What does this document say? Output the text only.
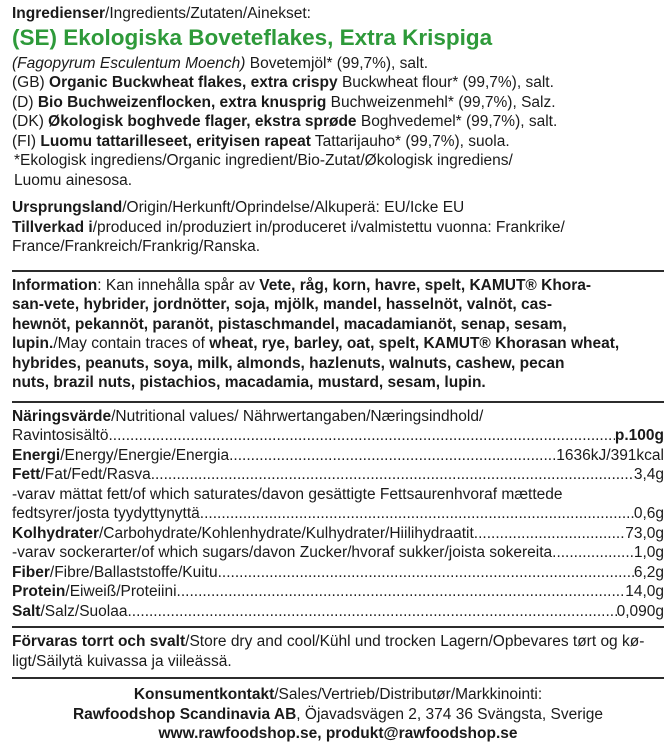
Ingredienser/Ingredients/Zutaten/Ainekset:
(SE) Ekologiska Boveteflakes, Extra Krispiga
(Fagopyrum Esculentum Moench) Bovetemjöl* (99,7%), salt.
(GB) Organic Buckwheat flakes, extra crispy Buckwheat flour* (99,7%), salt.
(D) Bio Buchweizenflocken, extra knusprig Buchweizenmehl* (99,7%), Salz.
(DK) Økologisk boghvede flager, ekstra sprøde Boghvedemel* (99,7%), salt.
(FI) Luomu tattarilleseet, erityisen rapeat Tattarijauho* (99,7%), suola.
*Ekologisk ingrediens/Organic ingredient/Bio-Zutat/Økologisk ingrediens/
Luomu ainesosa.
Ursprungsland/Origin/Herkunft/Oprindelse/Alkuperä: EU/Icke EU
Tillverkad i/produced in/produziert in/produceret i/valmistettu vuonna: Frankrike/
France/Frankreich/Frankrig/Ranska.
Information: Kan innehålla spår av Vete, råg, korn, havre, spelt, KAMUT® Khora-
san-vete, hybrider, jordnötter, soja, mjölk, mandel, hasselnöt, valnöt, cas-
hewnöt, pekannöt, paranöt, pistaschmandel, macadamianöt, senap, sesam,
lupin./May contain traces of wheat, rye, barley, oat, spelt, KAMUT® Khorasan wheat,
hybrides, peanuts, soya, milk, almonds, hazlenuts, walnuts, cashew, pecan
nuts, brazil nuts, pistachios, macadamia, mustard, sesam, lupin.
Näringsvärde/Nutritional values/ Nährwertangaben/Næringsindhold/
Ravintosisältö .....	p.100g
Energi/Energy/Energie/Energia .....	1636kJ/391kcal
Fett/Fat/Fedt/Rasva .....	3,4g
-varav mättat fett/of which saturates/davon gesättigte Fettsaurenhvoraf mættede
fedtsyrer/josta tyydyttynyttä .....	0,6g
Kolhydrater/Carbohydrate/Kohlenhydrate/Kulhydrater/Hiilihydraatit .....	73,0g
-varav sockerarter/of which sugars/davon Zucker/hvoraf sukker/joista sokereita .....	1,0g
Fiber/Fibre/Ballaststoffe/Kuitu .....	6,2g
Protein/Eiweiß/Proteiini .....	14,0g
Salt/Salz/Suolaa .....	0,090g
Förvaras torrt och svalt/Store dry and cool/Kühl und trocken Lagern/Opbevares tørt og kø-
ligt/Säilytä kuivassa ja viileässä.
Konsumentkontakt/Sales/Vertrieb/Distributør/Markkinointi:
Rawfoodshop Scandinavia AB, Öjavadsvägen 2, 374 36 Svängsta, Sverige
www.rawfoodshop.se, produkt@rawfoodshop.se
